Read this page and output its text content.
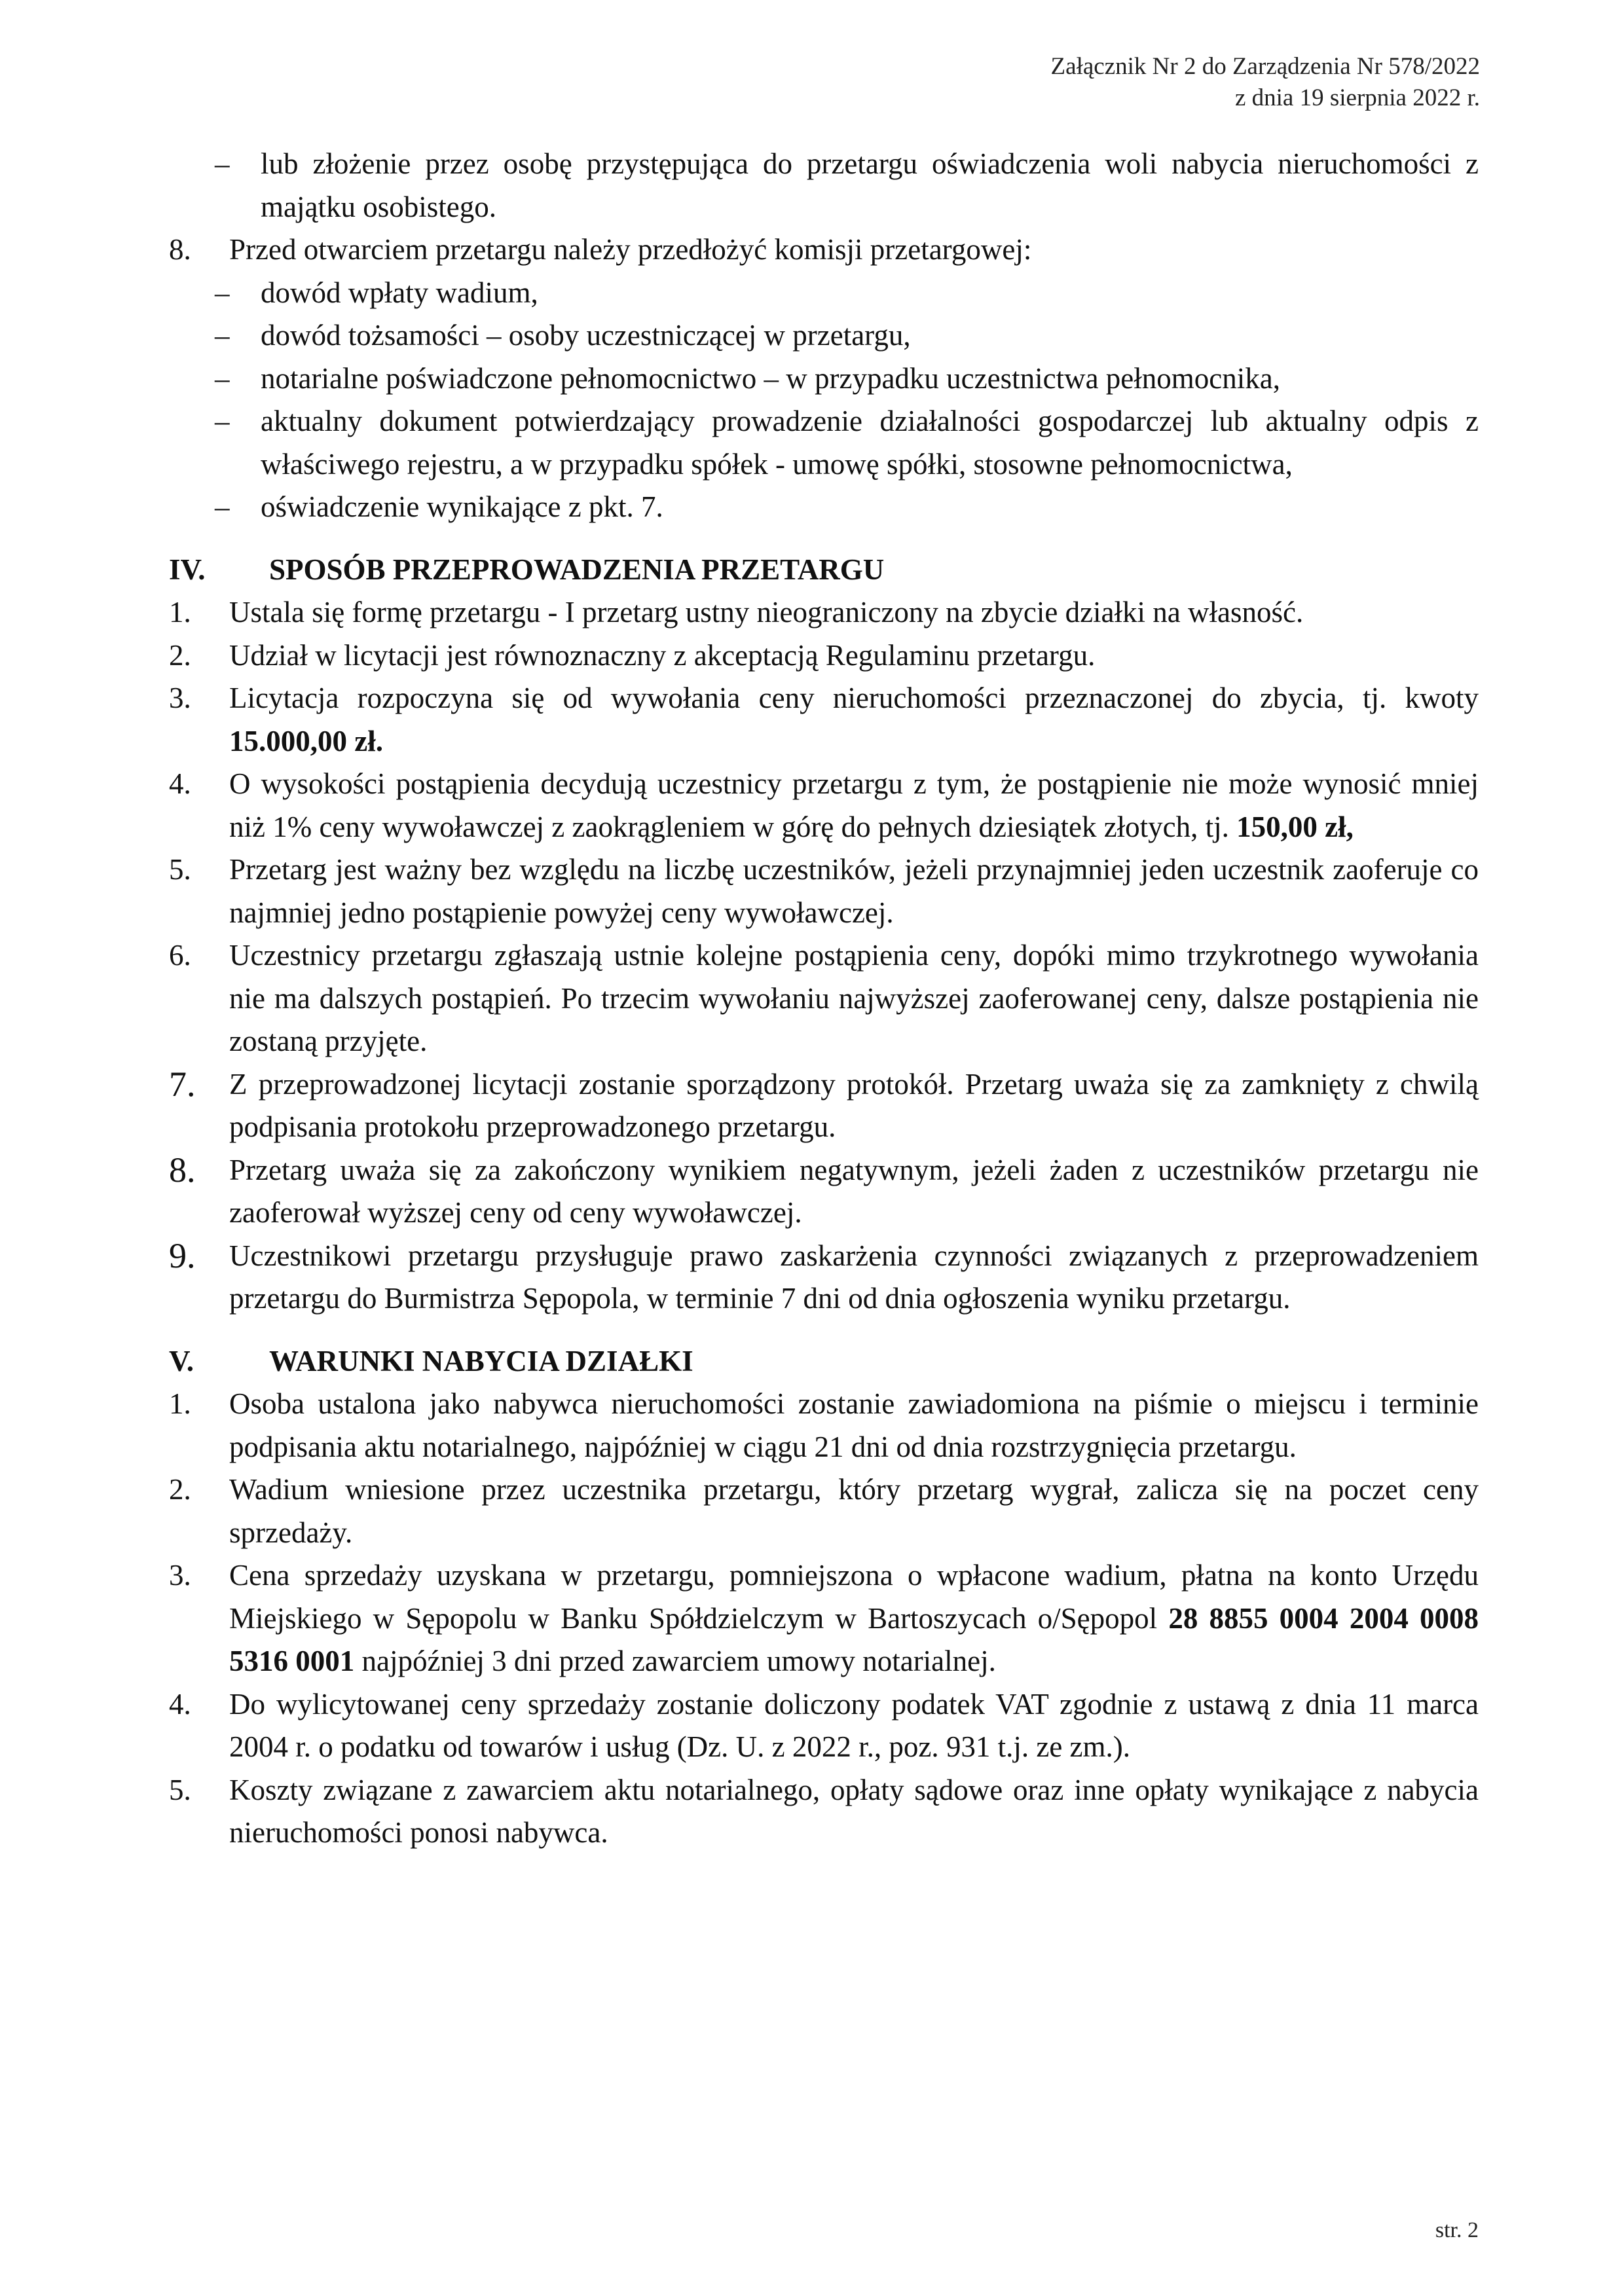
Załącznik Nr 2 do Zarządzenia Nr 578/2022
z dnia 19 sierpnia 2022 r.
–	lub złożenie przez osobę przystępująca do przetargu oświadczenia woli nabycia nieruchomości z majątku osobistego.
8.	Przed otwarciem przetargu należy przedłożyć komisji przetargowej:
–	dowód wpłaty wadium,
–	dowód tożsamości – osoby uczestniczącej w przetargu,
–	notarialne poświadczone pełnomocnictwo – w przypadku uczestnictwa pełnomocnika,
–	aktualny dokument potwierdzający prowadzenie działalności gospodarczej lub aktualny odpis z właściwego rejestru, a w przypadku spółek - umowę spółki, stosowne pełnomocnictwa,
–	oświadczenie wynikające z pkt. 7.
IV.	SPOSÓB PRZEPROWADZENIA PRZETARGU
1.	Ustala się formę przetargu - I przetarg ustny nieograniczony na zbycie działki na własność.
2.	Udział w licytacji jest równoznaczny z akceptacją Regulaminu przetargu.
3.	Licytacja rozpoczyna się od wywołania ceny nieruchomości przeznaczonej do zbycia, tj. kwoty 15.000,00 zł.
4.	O wysokości postąpienia decydują uczestnicy przetargu z tym, że postąpienie nie może wynosić mniej niż 1% ceny wywoławczej z zaokrągleniem w górę do pełnych dziesiątek złotych, tj. 150,00 zł,
5.	Przetarg jest ważny bez względu na liczbę uczestników, jeżeli przynajmniej jeden uczestnik zaoferuje co najmniej jedno postąpienie powyżej ceny wywoławczej.
6.	Uczestnicy przetargu zgłaszają ustnie kolejne postąpienia ceny, dopóki mimo trzykrotnego wywołania nie ma dalszych postąpień. Po trzecim wywołaniu najwyższej zaoferowanej ceny, dalsze postąpienia nie zostaną przyjęte.
7.	Z przeprowadzonej licytacji zostanie sporządzony protokół. Przetarg uważa się za zamknięty z chwilą podpisania protokołu przeprowadzonego przetargu.
8.	Przetarg uważa się za zakończony wynikiem negatywnym, jeżeli żaden z uczestników przetargu nie zaoferował wyższej ceny od ceny wywoławczej.
9.	Uczestnikowi przetargu przysługuje prawo zaskarżenia czynności związanych z przeprowadzeniem przetargu do Burmistrza Sępopola, w terminie 7 dni od dnia ogłoszenia wyniku przetargu.
V.	WARUNKI NABYCIA DZIAŁKI
1.	Osoba ustalona jako nabywca nieruchomości zostanie zawiadomiona na piśmie o miejscu i terminie podpisania aktu notarialnego, najpóźniej w ciągu 21 dni od dnia rozstrzygnięcia przetargu.
2.	Wadium wniesione przez uczestnika przetargu, który przetarg wygrał, zalicza się na poczet ceny sprzedaży.
3.	Cena sprzedaży uzyskana w przetargu, pomniejszona o wpłacone wadium, płatna na konto Urzędu Miejskiego w Sępopolu w Banku Spółdzielczym w Bartoszycach o/Sępopol 28 8855 0004 2004 0008 5316 0001 najpóźniej 3 dni przed zawarciem umowy notarialnej.
4.	Do wylicytowanej ceny sprzedaży zostanie doliczony podatek VAT zgodnie z ustawą z dnia 11 marca 2004 r. o podatku od towarów i usług (Dz. U. z 2022 r., poz. 931 t.j. ze zm.).
5.	Koszty związane z zawarciem aktu notarialnego, opłaty sądowe oraz inne opłaty wynikające z nabycia nieruchomości ponosi nabywca.
str. 2
